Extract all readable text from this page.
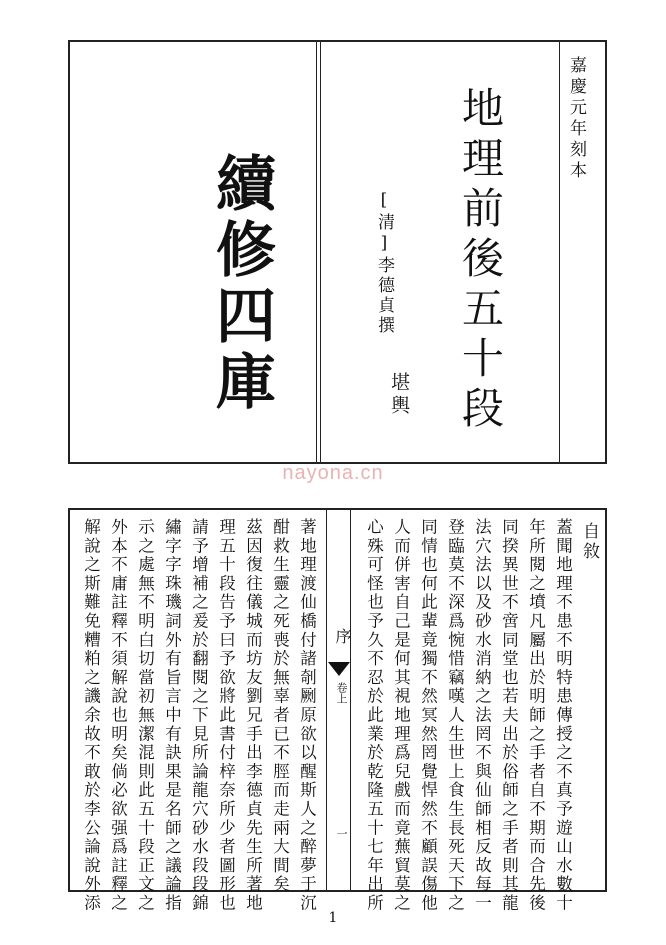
續修四庫	[清]李德貞撰
堪輿 地理前後五十段	嘉慶元年刻本
nayona.cn
序
卷上
一
自敘
蓋聞地理不患不明特患傳授之不真予遊山水數十
年所閱之墳凡屬出於明師之手者自不期而合先後
同揆異世不啻同堂也若夫出於俗師之手者則其龍
法穴法以及砂水消納之法罔不與仙師相反故每一
登臨莫不深爲惋惜竊嘆人生世上食生長死天下之
同情也何此輩竟獨不然冥然罔覺悍然不顧誤傷他
人而併害自己是何其視地理爲兒戲而竟蕪貿莫之
心殊可怪也予久不忍於此業於乾隆五十七年出所
著地理渡仙橋付諸剞劂原欲以醒斯人之醉夢于沉
酣救生靈之死喪於無辜者已不脛而走兩大間矣
茲因復往儀城而坊友劉兄手出李德貞先生所著地
理五十段告予曰予欲將此書付梓奈所少者圖形也
請予增補之爰於翻閱之下見所論龍穴砂水段段錦
繡字字珠璣詞外有旨言中有訣果是名師之議論指
示之處無不明白切當初無潔混則此五十段正文之
外本不庸註釋不須解說也明矣倘必欲强爲註釋之
解說之斯難免糟粕之譏余故不敢於李公論說外添
1
